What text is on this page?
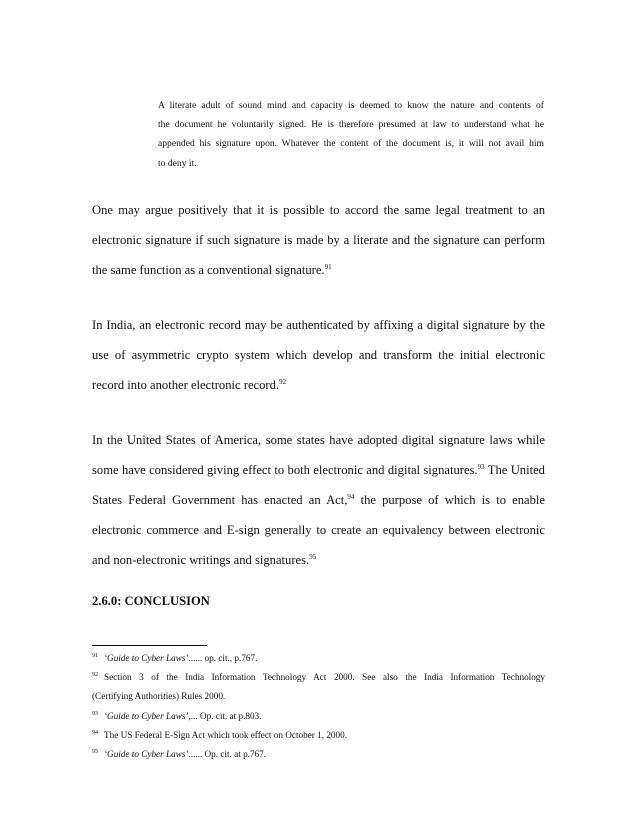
A literate adult of sound mind and capacity is deemed to know the nature and contents of
the document he voluntarily signed. He is therefore presumed at law to understand what he
appended his signature upon. Whatever the content of the document is, it will not avail him
to deny it.
One may argue positively that it is possible to accord the same legal treatment to an
electronic signature if such signature is made by a literate and the signature can perform
the same function as a conventional signature.$^{91}$
In India, an electronic record may be authenticated by affixing a digital signature by the
use of asymmetric crypto system which develop and transform the initial electronic
record into another electronic record.$^{92}$
In the United States of America, some states have adopted digital signature laws while
some have considered giving effect to both electronic and digital signatures.$^{93}$ The United
States Federal Government has enacted an Act,$^{94}$ the purpose of which is to enable
electronic commerce and E-sign generally to create an equivalency between electronic
and non-electronic writings and signatures.$^{95}$
2.6.0: CONCLUSION
$^{91}$ ‘Guide to Cyber Laws’...... op. cit., p.767.
$^{92}$ Section 3 of the India Information Technology Act 2000. See also the India Information Technology
(Certifying Authorities) Rules 2000.
$^{93}$ ‘Guide to Cyber Laws’,... Op. cit. at p.803.
$^{94}$ The US Federal E-Sign Act which took effect on October 1, 2000.
$^{95}$ ‘Guide to Cyber Laws’...... Op. cit. at p.767.
